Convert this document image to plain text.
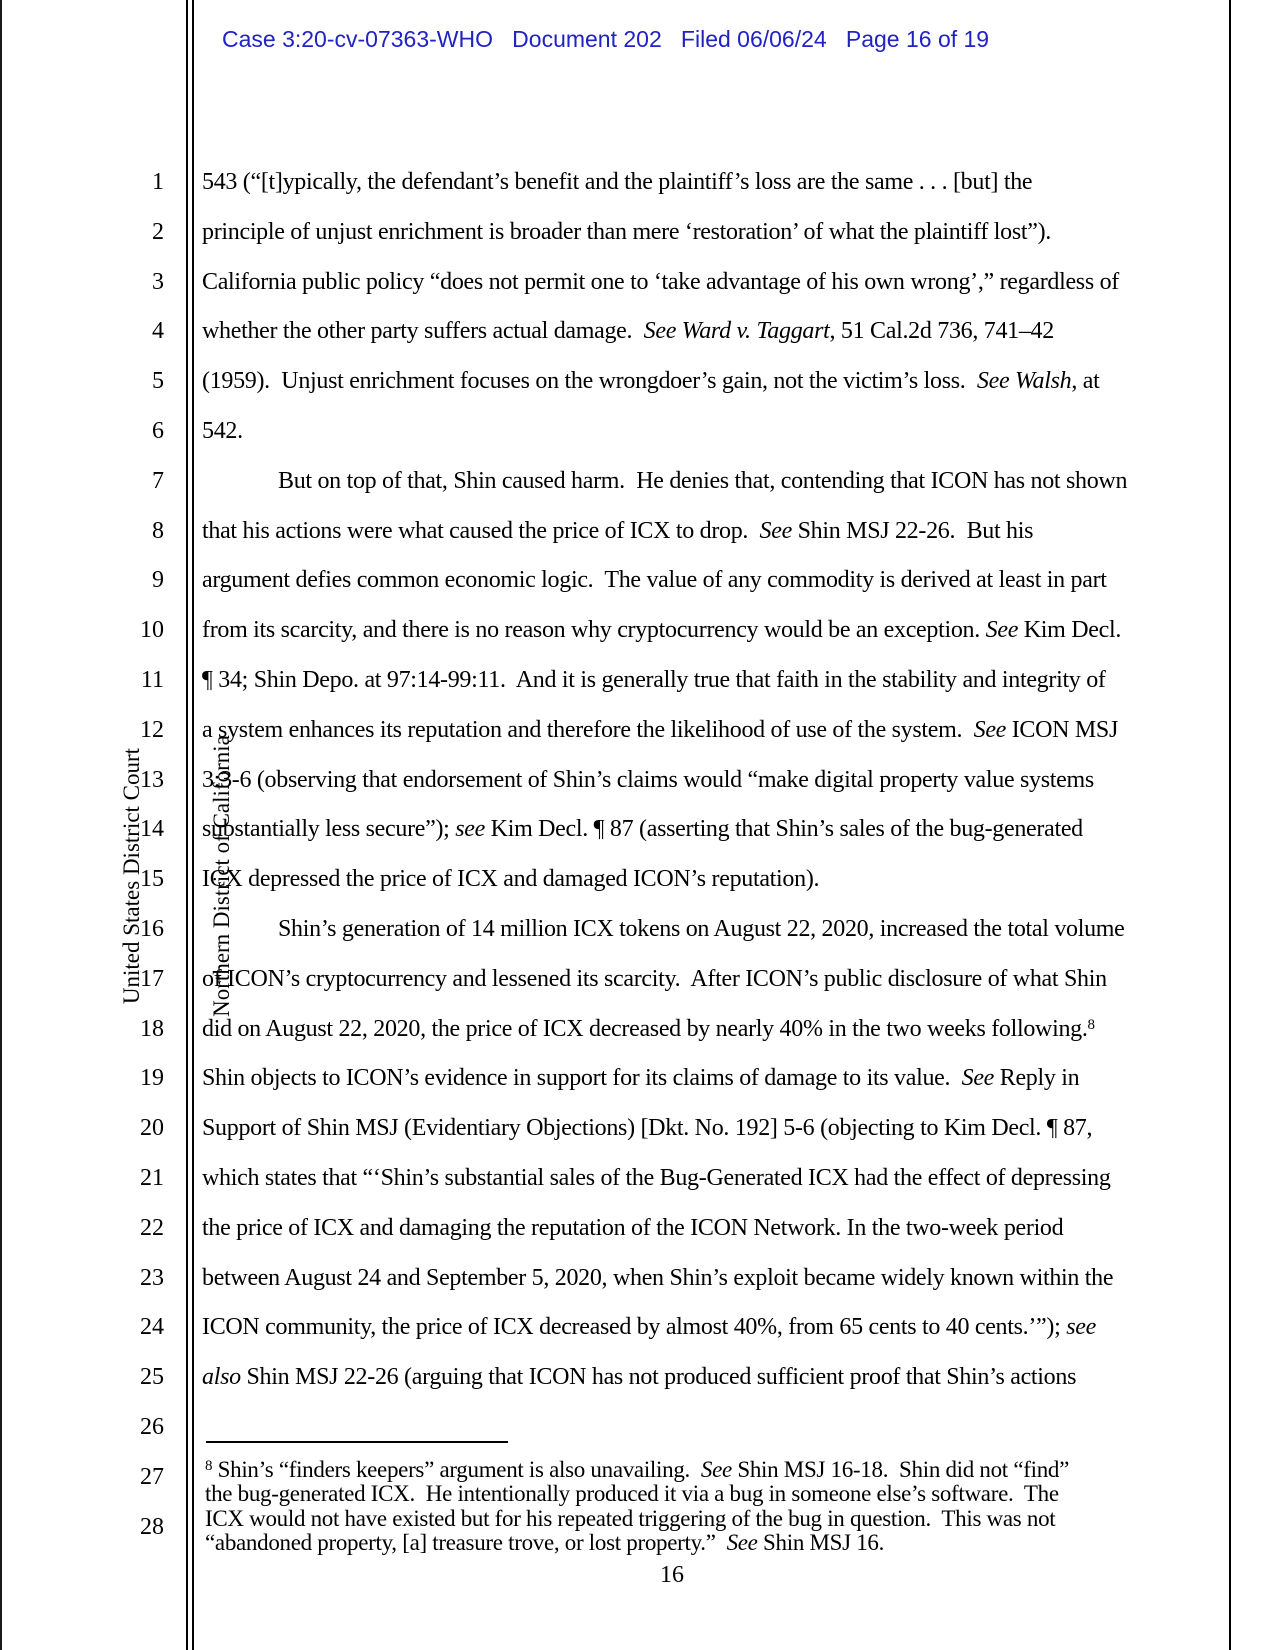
Case 3:20-cv-07363-WHO   Document 202   Filed 06/06/24   Page 16 of 19

United States District Court

	Northern District of California

1
2
3
4
5
6
7
8
9
10
11
12
13
14
15
16
17
18
19
20
21
22
23
24
25
26
27
28
543 (“[t]ypically, the defendant’s benefit and the plaintiff’s loss are the same . . . [but] the
principle of unjust enrichment is broader than mere ‘restoration’ of what the plaintiff lost”).
California public policy “does not permit one to ‘take advantage of his own wrong’,” regardless of
whether the other party suffers actual damage.  See Ward v. Taggart, 51 Cal.2d 736, 741–42
(1959).  Unjust enrichment focuses on the wrongdoer’s gain, not the victim’s loss.  See Walsh, at
542.
But on top of that, Shin caused harm.  He denies that, contending that ICON has not shown
that his actions were what caused the price of ICX to drop.  See Shin MSJ 22-26.  But his
argument defies common economic logic.  The value of any commodity is derived at least in part
from its scarcity, and there is no reason why cryptocurrency would be an exception. See Kim Decl.
¶ 34; Shin Depo. at 97:14-99:11.  And it is generally true that faith in the stability and integrity of
a system enhances its reputation and therefore the likelihood of use of the system.  See ICON MSJ
3:3-6 (observing that endorsement of Shin’s claims would “make digital property value systems
substantially less secure”); see Kim Decl. ¶ 87 (asserting that Shin’s sales of the bug-generated
ICX depressed the price of ICX and damaged ICON’s reputation).
Shin’s generation of 14 million ICX tokens on August 22, 2020, increased the total volume
of ICON’s cryptocurrency and lessened its scarcity.  After ICON’s public disclosure of what Shin
did on August 22, 2020, the price of ICX decreased by nearly 40% in the two weeks following.$^8$
Shin objects to ICON’s evidence in support for its claims of damage to its value.  See Reply in
Support of Shin MSJ (Evidentiary Objections) [Dkt. No. 192] 5-6 (objecting to Kim Decl. ¶ 87,
which states that “‘Shin’s substantial sales of the Bug-Generated ICX had the effect of depressing
the price of ICX and damaging the reputation of the ICON Network. In the two-week period
between August 24 and September 5, 2020, when Shin’s exploit became widely known within the
ICON community, the price of ICX decreased by almost 40%, from 65 cents to 40 cents.’”); see
also Shin MSJ 22-26 (arguing that ICON has not produced sufficient proof that Shin’s actions
$^8$ Shin’s “finders keepers” argument is also unavailing.  See Shin MSJ 16-18.  Shin did not “find”
the bug-generated ICX.  He intentionally produced it via a bug in someone else’s software.  The
ICX would not have existed but for his repeated triggering of the bug in question.  This was not
“abandoned property, [a] treasure trove, or lost property.”  See Shin MSJ 16.
16
